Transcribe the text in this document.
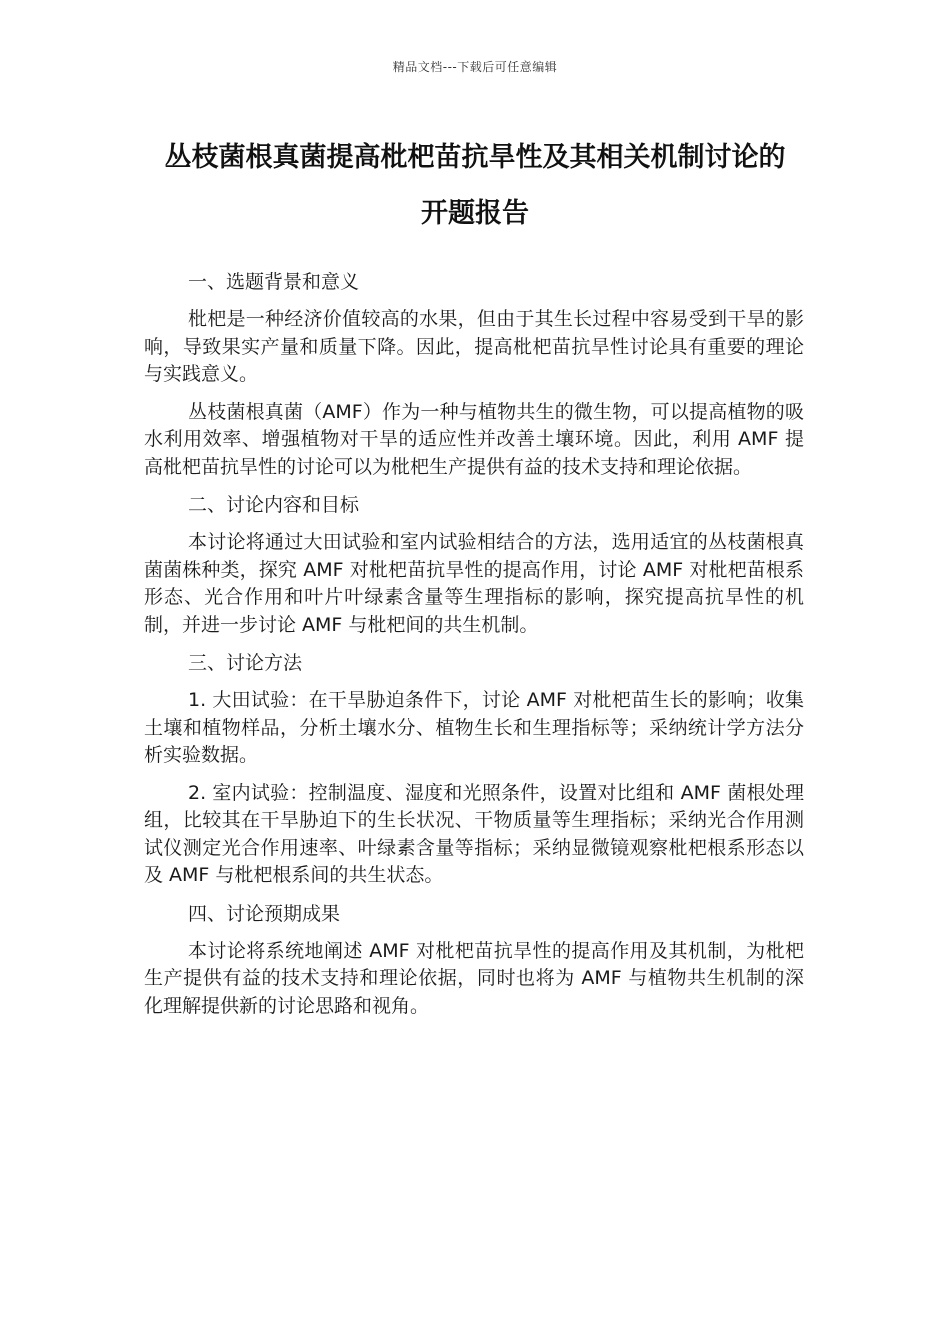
精品文档---下载后可任意编辑
丛枝菌根真菌提高枇杷苗抗旱性及其相关机制讨论的
开题报告
一、选题背景和意义

枇杷是一种经济价值较高的水果，但由于其生长过程中容易受到干旱的影响，导致果实产量和质量下降。因此，提高枇杷苗抗旱性讨论具有重要的理论与实践意义。

丛枝菌根真菌（AMF）作为一种与植物共生的微生物，可以提高植物的吸水利用效率、增强植物对干旱的适应性并改善土壤环境。因此，利用 AMF 提高枇杷苗抗旱性的讨论可以为枇杷生产提供有益的技术支持和理论依据。

二、讨论内容和目标

本讨论将通过大田试验和室内试验相结合的方法，选用适宜的丛枝菌根真菌菌株种类，探究 AMF 对枇杷苗抗旱性的提高作用，讨论 AMF 对枇杷苗根系形态、光合作用和叶片叶绿素含量等生理指标的影响，探究提高抗旱性的机制，并进一步讨论 AMF 与枇杷间的共生机制。

三、讨论方法

1. 大田试验：在干旱胁迫条件下，讨论 AMF 对枇杷苗生长的影响；收集土壤和植物样品，分析土壤水分、植物生长和生理指标等；采纳统计学方法分析实验数据。

2. 室内试验：控制温度、湿度和光照条件，设置对比组和 AMF 菌根处理组，比较其在干旱胁迫下的生长状况、干物质量等生理指标；采纳光合作用测试仪测定光合作用速率、叶绿素含量等指标；采纳显微镜观察枇杷根系形态以及 AMF 与枇杷根系间的共生状态。

四、讨论预期成果

本讨论将系统地阐述 AMF 对枇杷苗抗旱性的提高作用及其机制，为枇杷生产提供有益的技术支持和理论依据，同时也将为 AMF 与植物共生机制的深化理解提供新的讨论思路和视角。
